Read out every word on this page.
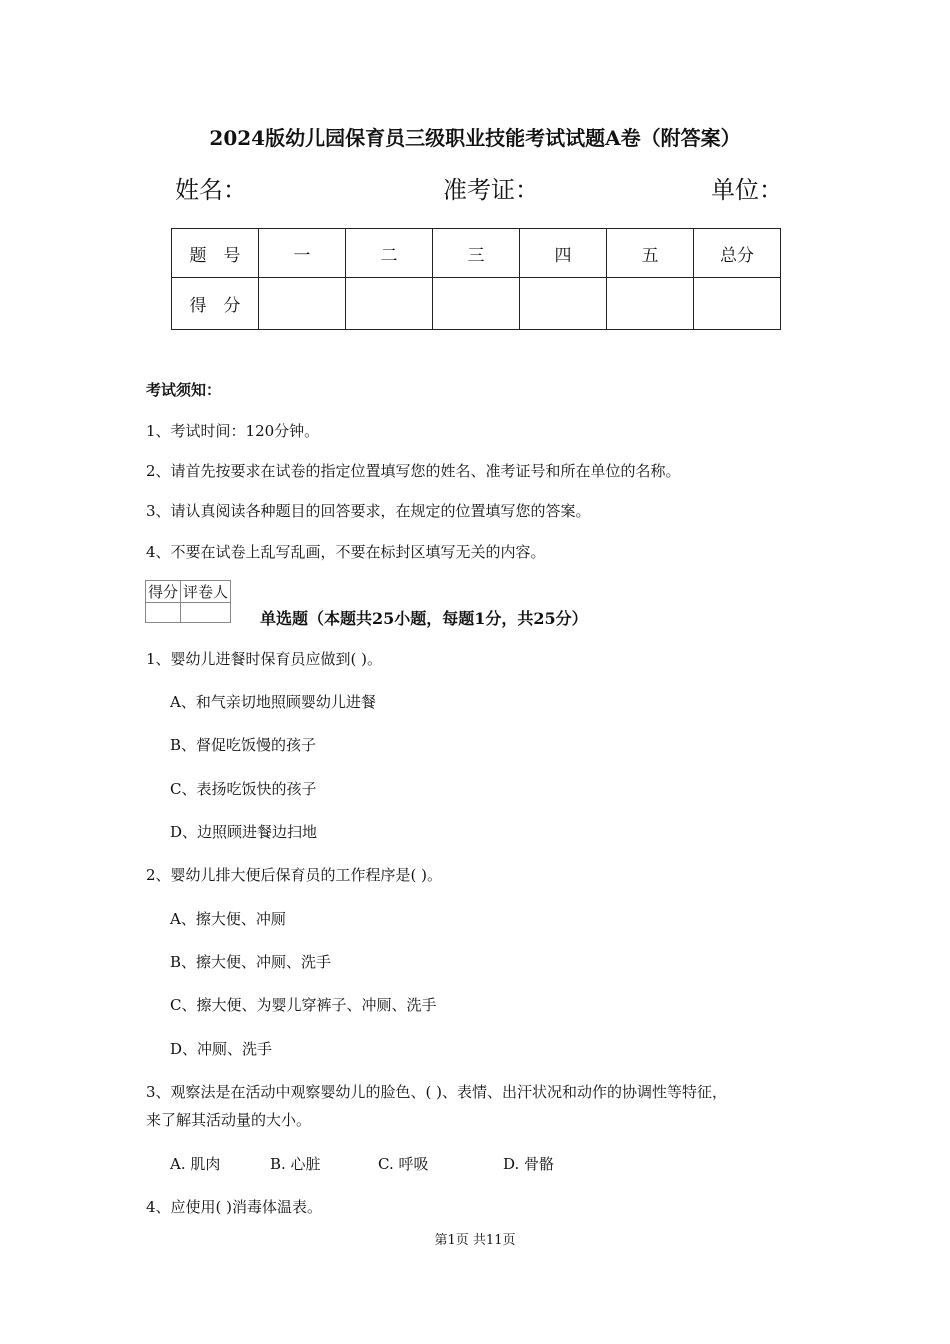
2024版幼儿园保育员三级职业技能考试试题A卷（附答案）
姓名：	准考证：	单位：
题　号	一	二	三	四	五	总分
得　分						
考试须知：
1、考试时间：120分钟。
2、请首先按要求在试卷的指定位置填写您的姓名、准考证号和所在单位的名称。
3、请认真阅读各种题目的回答要求，在规定的位置填写您的答案。
4、不要在试卷上乱写乱画，不要在标封区填写无关的内容。
得分	评卷人

单选题（本题共25小题，每题1分，共25分）
1、婴幼儿进餐时保育员应做到( )。
A、和气亲切地照顾婴幼儿进餐
B、督促吃饭慢的孩子
C、表扬吃饭快的孩子
D、边照顾进餐边扫地
2、婴幼儿排大便后保育员的工作程序是( )。
A、擦大便、冲厕
B、擦大便、冲厕、洗手
C、擦大便、为婴儿穿裤子、冲厕、洗手
D、冲厕、洗手
3、观察法是在活动中观察婴幼儿的脸色、( )、表情、出汗状况和动作的协调性等特征，
来了解其活动量的大小。
A. 肌肉	B. 心脏	C. 呼吸	D. 骨骼
4、应使用( )消毒体温表。
第1页 共11页
